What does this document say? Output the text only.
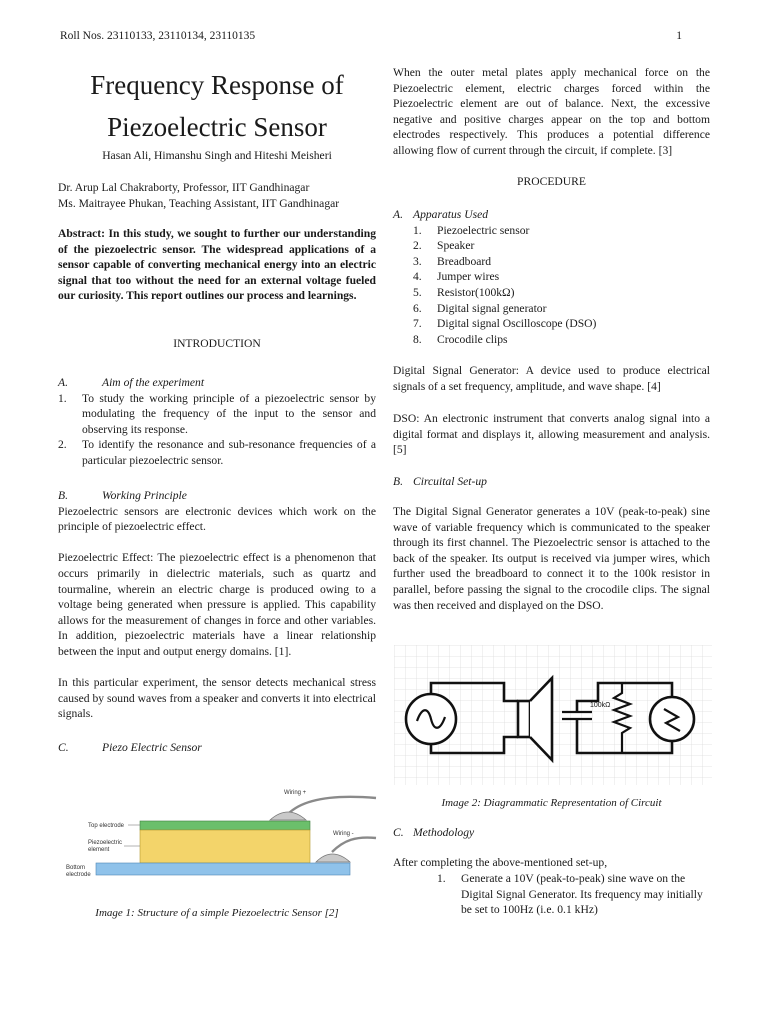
Roll Nos. 23110133, 23110134, 23110135	1
Frequency Response of
Piezoelectric Sensor
Hasan Ali, Himanshu Singh and Hiteshi Meisheri
Dr. Arup Lal Chakraborty, Professor, IIT Gandhinagar
Ms. Maitrayee Phukan, Teaching Assistant, IIT Gandhinagar
Abstract: In this study, we sought to further our understanding of the piezoelectric sensor. The widespread applications of a sensor capable of converting mechanical energy into an electric signal that too without the need for an external voltage fueled our curiosity. This report outlines our process and learnings.
INTRODUCTION
A.	Aim of the experiment
1. To study the working principle of a piezoelectric sensor by modulating the frequency of the input to the sensor and observing its response.
2. To identify the resonance and sub-resonance frequencies of a particular piezoelectric sensor.
B.	Working Principle
Piezoelectric sensors are electronic devices which work on the principle of piezoelectric effect.
Piezoelectric Effect: The piezoelectric effect is a phenomenon that occurs primarily in dielectric materials, such as quartz and tourmaline, wherein an electric charge is produced owing to a voltage being generated when pressure is applied. This capability allows for the measurement of changes in force and other variables. In addition, piezoelectric materials have a linear relationship between the input and output energy domains. [1].
In this particular experiment, the sensor detects mechanical stress caused by sound waves from a speaker and converts it into electrical signals.
C.	Piezo Electric Sensor
Wiring +
Wiring -
Top electrode
Piezoelectric
element
Bottom
electrode
Image 1: Structure of a simple Piezoelectric Sensor [2]
When the outer metal plates apply mechanical force on the Piezoelectric element, electric charges forced within the Piezoelectric element are out of balance. Next, the excessive negative and positive charges appear on the top and bottom electrodes respectively. This produces a potential difference allowing flow of current through the circuit, if complete. [3]
PROCEDURE
A. Apparatus Used
1. Piezoelectric sensor
2. Speaker
3. Breadboard
4. Jumper wires
5. Resistor(100kΩ)
6. Digital signal generator
7. Digital signal Oscilloscope (DSO)
8. Crocodile clips
Digital Signal Generator: A device used to produce electrical signals of a set frequency, amplitude, and wave shape. [4]
DSO: An electronic instrument that converts analog signal into a digital format and displays it, allowing measurement and analysis. [5]
B. Circuital Set-up
The Digital Signal Generator generates a 10V (peak-to-peak) sine wave of variable frequency which is communicated to the speaker through its first channel. The Piezoelectric sensor is attached to the back of the speaker. Its output is received via jumper wires, which further used the breadboard to connect it to the 100k resistor in parallel, before passing the signal to the crocodile clips. The signal was then received and displayed on the DSO.
100kΩ
Image 2: Diagrammatic Representation of Circuit
C. Methodology
After completing the above-mentioned set-up,
1. Generate a 10V (peak-to-peak) sine wave on the Digital Signal Generator. Its frequency may initially be set to 100Hz (i.e. 0.1 kHz)
